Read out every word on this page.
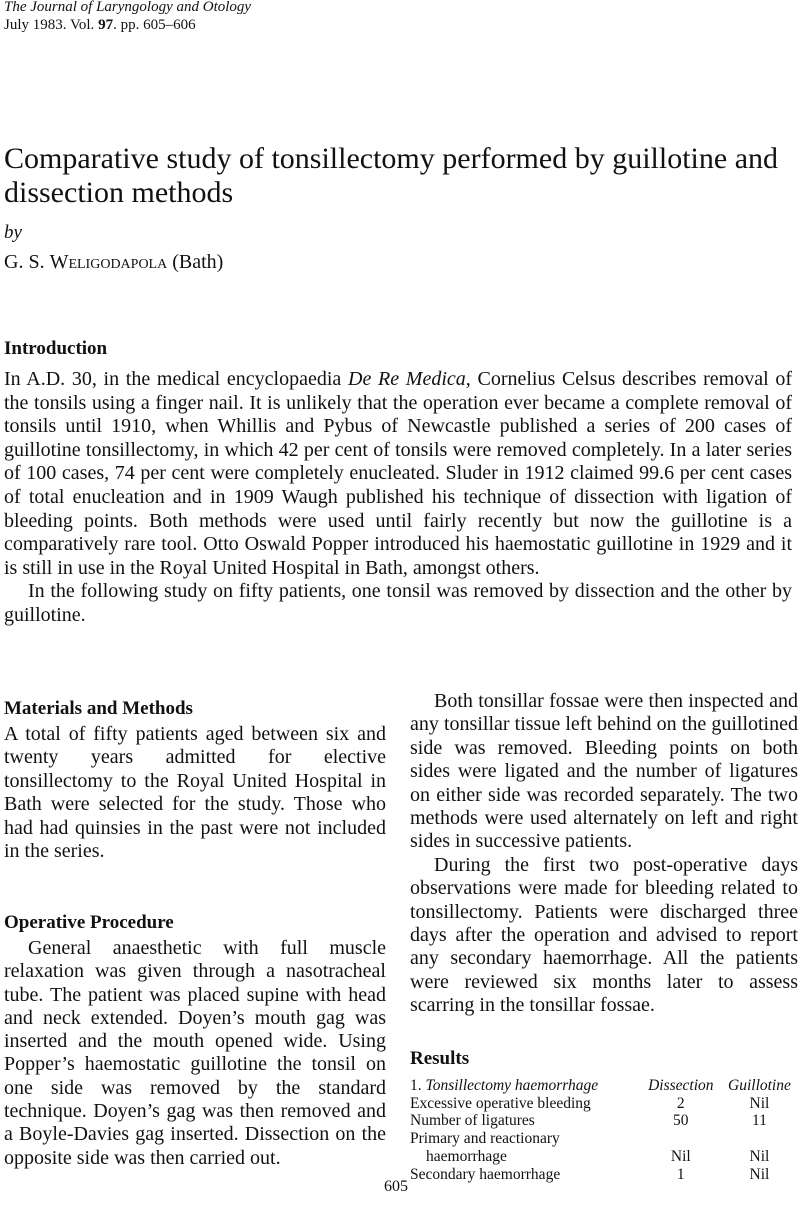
The Journal of Laryngology and Otology
July 1983. Vol. 97. pp. 605–606
Comparative study of tonsillectomy performed by guillotine and dissection methods
by
G. S. Weligodapola (Bath)
Introduction

In A.D. 30, in the medical encyclopaedia De Re Medica, Cornelius Celsus describes removal of the tonsils using a finger nail. It is unlikely that the operation ever became a complete removal of tonsils until 1910, when Whillis and Pybus of Newcastle published a series of 200 cases of guillotine tonsillectomy, in which 42 per cent of tonsils were removed completely. In a later series of 100 cases, 74 per cent were completely enucleated. Sluder in 1912 claimed 99.6 per cent cases of total enucleation and in 1909 Waugh published his technique of dissection with ligation of bleeding points. Both methods were used until fairly recently but now the guillotine is a comparatively rare tool. Otto Oswald Popper introduced his haemostatic guillotine in 1929 and it is still in use in the Royal United Hospital in Bath, amongst others.

In the following study on fifty patients, one tonsil was removed by dissection and the other by guillotine.

Materials and Methods

A total of fifty patients aged between six and twenty years admitted for elective tonsillectomy to the Royal United Hospital in Bath were selected for the study. Those who had had quinsies in the past were not included in the series.

Operative Procedure

General anaesthetic with full muscle relaxation was given through a nasotracheal tube. The patient was placed supine with head and neck extended. Doyen’s mouth gag was inserted and the mouth opened wide. Using Popper’s haemostatic guillotine the tonsil on one side was removed by the standard technique. Doyen’s gag was then removed and a Boyle-Davies gag inserted. Dissection on the opposite side was then carried out.

Both tonsillar fossae were then inspected and any tonsillar tissue left behind on the guillotined side was removed. Bleeding points on both sides were ligated and the number of ligatures on either side was recorded separately. The two methods were used alternately on left and right sides in successive patients.

During the first two post-operative days observations were made for bleeding related to tonsillectomy. Patients were discharged three days after the operation and advised to report any secondary haemorrhage. All the patients were reviewed six months later to assess scarring in the tonsillar fossae.

Results
1. Tonsillectomy haemorrhage	Dissection	Guillotine
Excessive operative bleeding	2	Nil
Number of ligatures	50	11
Primary and reactionary		
haemorrhage	Nil	Nil
Secondary haemorrhage	1	Nil
605
